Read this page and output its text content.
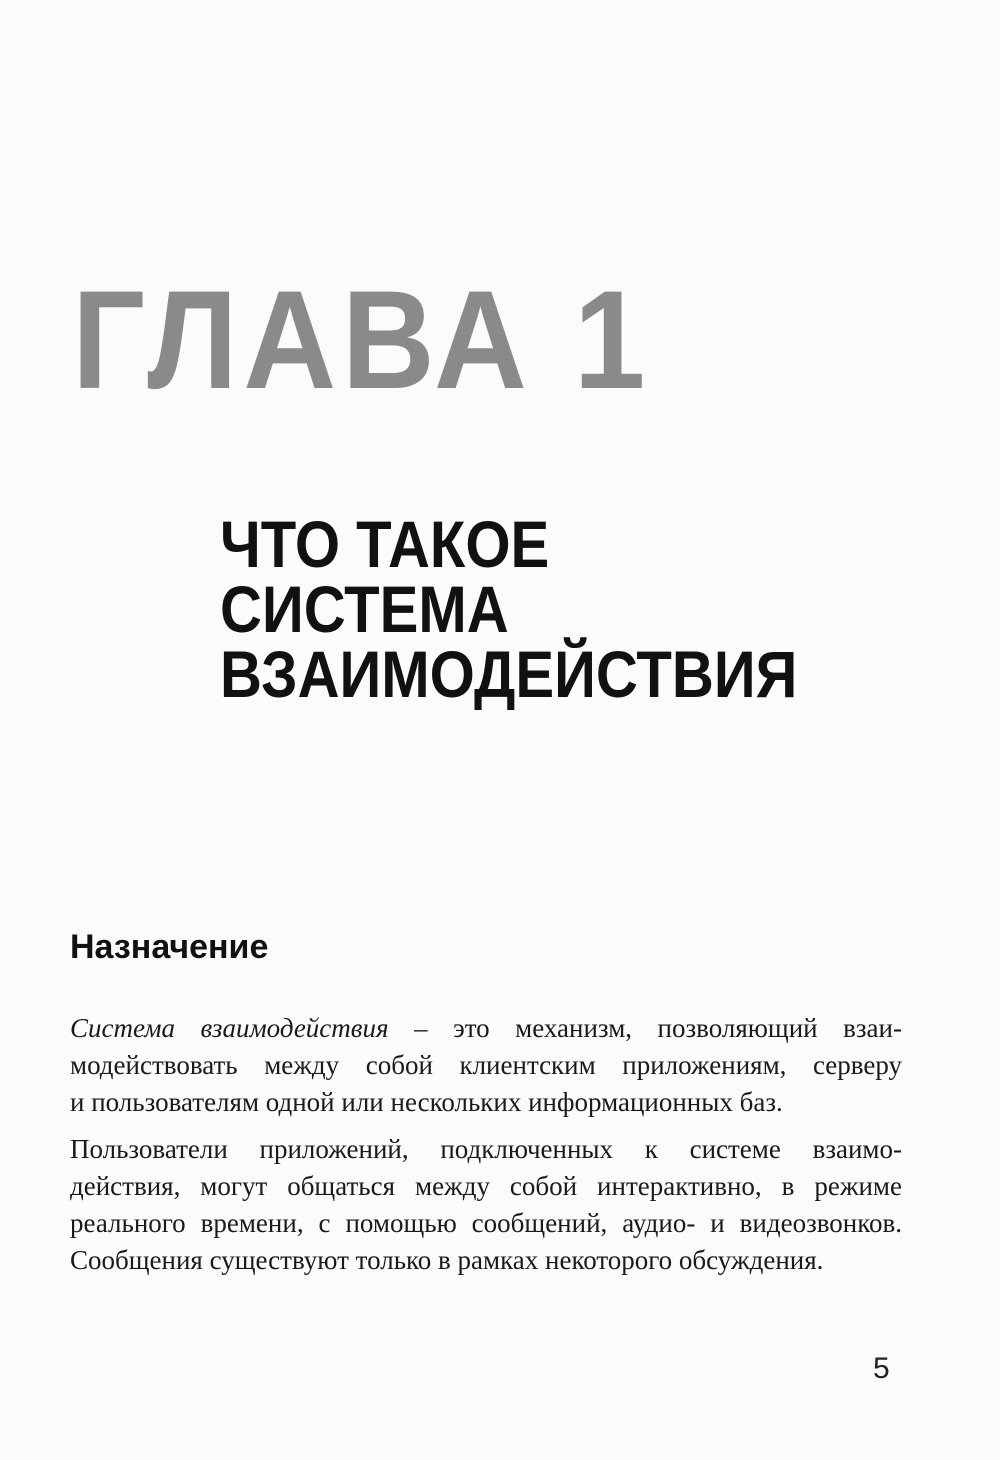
ГЛАВА 1
ЧТО ТАКОЕ
СИСТЕМА
ВЗАИМОДЕЙСТВИЯ
Назначение
Система взаимодействия – это механизм, позволяющий взаи-
модействовать между собой клиентским приложениям, серверу
и пользователям одной или нескольких информационных баз.
Пользователи приложений, подключенных к системе взаимо-
действия, могут общаться между собой интерактивно, в режиме
реального времени, с помощью сообщений, аудио- и видеозвонков.
Сообщения существуют только в рамках некоторого обсуждения.
5
